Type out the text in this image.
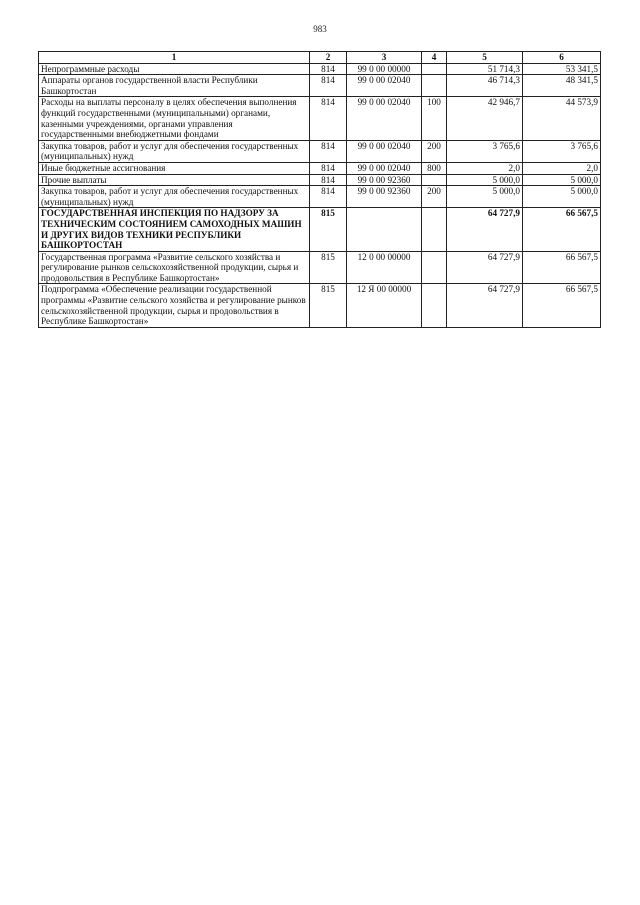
983
1	2	3	4	5	6
Непрограммные расходы	814	99 0 00 00000		51 714,3	53 341,5
Аппараты органов государственной власти Республики Башкортостан	814	99 0 00 02040		46 714,3	48 341,5
Расходы на выплаты персоналу в целях обеспечения выполнения функций государственными (муниципальными) органами, казенными учреждениями, органами управления государственными внебюджетными фондами	814	99 0 00 02040	100	42 946,7	44 573,9
Закупка товаров, работ и услуг для обеспечения государственных (муниципальных) нужд	814	99 0 00 02040	200	3 765,6	3 765,6
Иные бюджетные ассигнования	814	99 0 00 02040	800	2,0	2,0
Прочие выплаты	814	99 0 00 92360		5 000,0	5 000,0
Закупка товаров, работ и услуг для обеспечения государственных (муниципальных) нужд	814	99 0 00 92360	200	5 000,0	5 000,0
ГОСУДАРСТВЕННАЯ ИНСПЕКЦИЯ ПО НАДЗОРУ ЗА ТЕХНИЧЕСКИМ СОСТОЯНИЕМ САМОХОДНЫХ МАШИН И ДРУГИХ ВИДОВ ТЕХНИКИ РЕСПУБЛИКИ БАШКОРТОСТАН	815			64 727,9	66 567,5
Государственная программа «Развитие сельского хозяйства и регулирование рынков сельскохозяйственной продукции, сырья и продовольствия в Республике Башкортостан»	815	12 0 00 00000		64 727,9	66 567,5
Подпрограмма «Обеспечение реализации государственной программы «Развитие сельского хозяйства и регулирование рынков сельскохозяйственной продукции, сырья и продовольствия в Республике Башкортостан»	815	12 Я 00 00000		64 727,9	66 567,5
